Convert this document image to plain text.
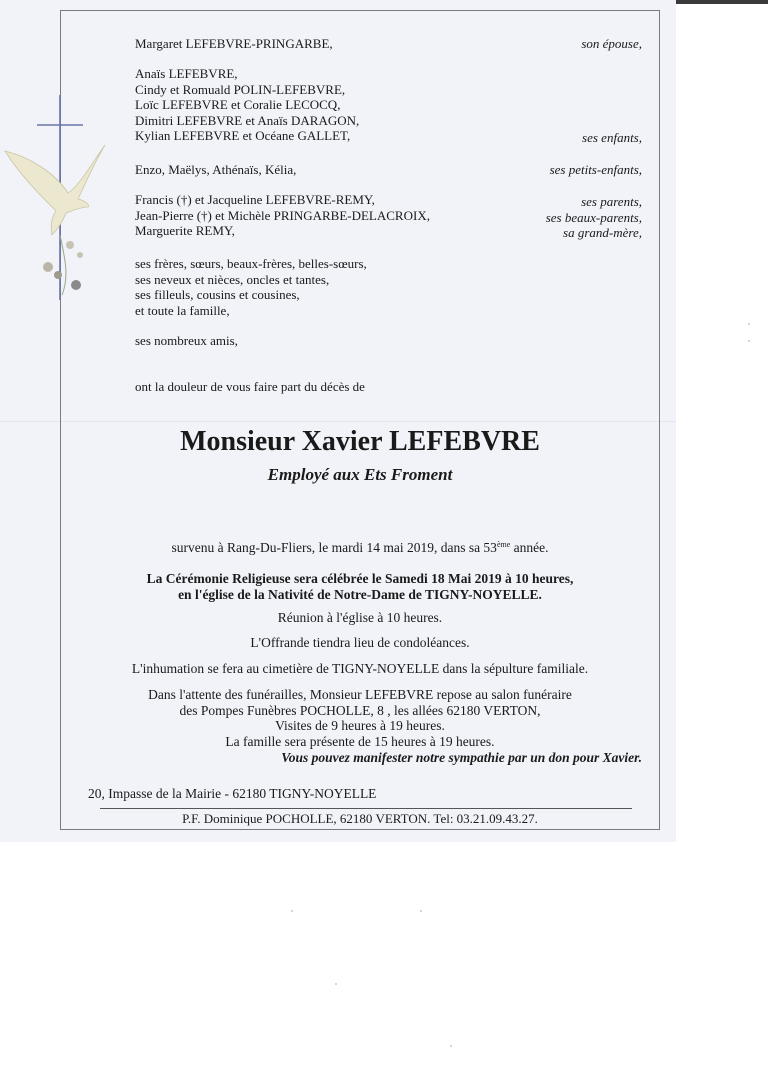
Margaret LEFEBVRE-PRINGARBE,	son épouse,
Anaïs LEFEBVRE,
Cindy et Romuald POLIN-LEFEBVRE,
Loïc LEFEBVRE et Coralie LECOCQ,
Dimitri LEFEBVRE et Anaïs DARAGON,
Kylian LEFEBVRE et Océane GALLET,	ses enfants,
Enzo, Maëlys, Athénaïs, Kélia,	ses petits-enfants,
Francis (†) et Jacqueline LEFEBVRE-REMY,	ses parents,
Jean-Pierre (†) et Michèle PRINGARBE-DELACROIX,	ses beaux-parents,
Marguerite REMY,	sa grand-mère,
ses frères, sœurs, beaux-frères, belles-sœurs,
ses neveux et nièces, oncles et tantes,
ses filleuls, cousins et cousines,
et toute la famille,
ses nombreux amis,
ont la douleur de vous faire part du décès de
Monsieur Xavier LEFEBVRE
Employé aux Ets Froment
survenu à Rang-Du-Fliers, le mardi 14 mai 2019, dans sa 53ème année.
La Cérémonie Religieuse sera célébrée le Samedi 18 Mai 2019 à 10 heures,
en l'église de la Nativité de Notre-Dame de TIGNY-NOYELLE.
Réunion à l'église à 10 heures.
L'Offrande tiendra lieu de condoléances.
L'inhumation se fera au cimetière de TIGNY-NOYELLE dans la sépulture familiale.
Dans l'attente des funérailles, Monsieur LEFEBVRE repose au salon funéraire
des Pompes Funèbres POCHOLLE, 8 , les allées 62180 VERTON,
Visites de 9 heures à 19 heures.
La famille sera présente de 15 heures à 19 heures.
Vous pouvez manifester notre sympathie par un don pour Xavier.
20, Impasse de la Mairie - 62180 TIGNY-NOYELLE
P.F. Dominique POCHOLLE, 62180 VERTON. Tel: 03.21.09.43.27.
